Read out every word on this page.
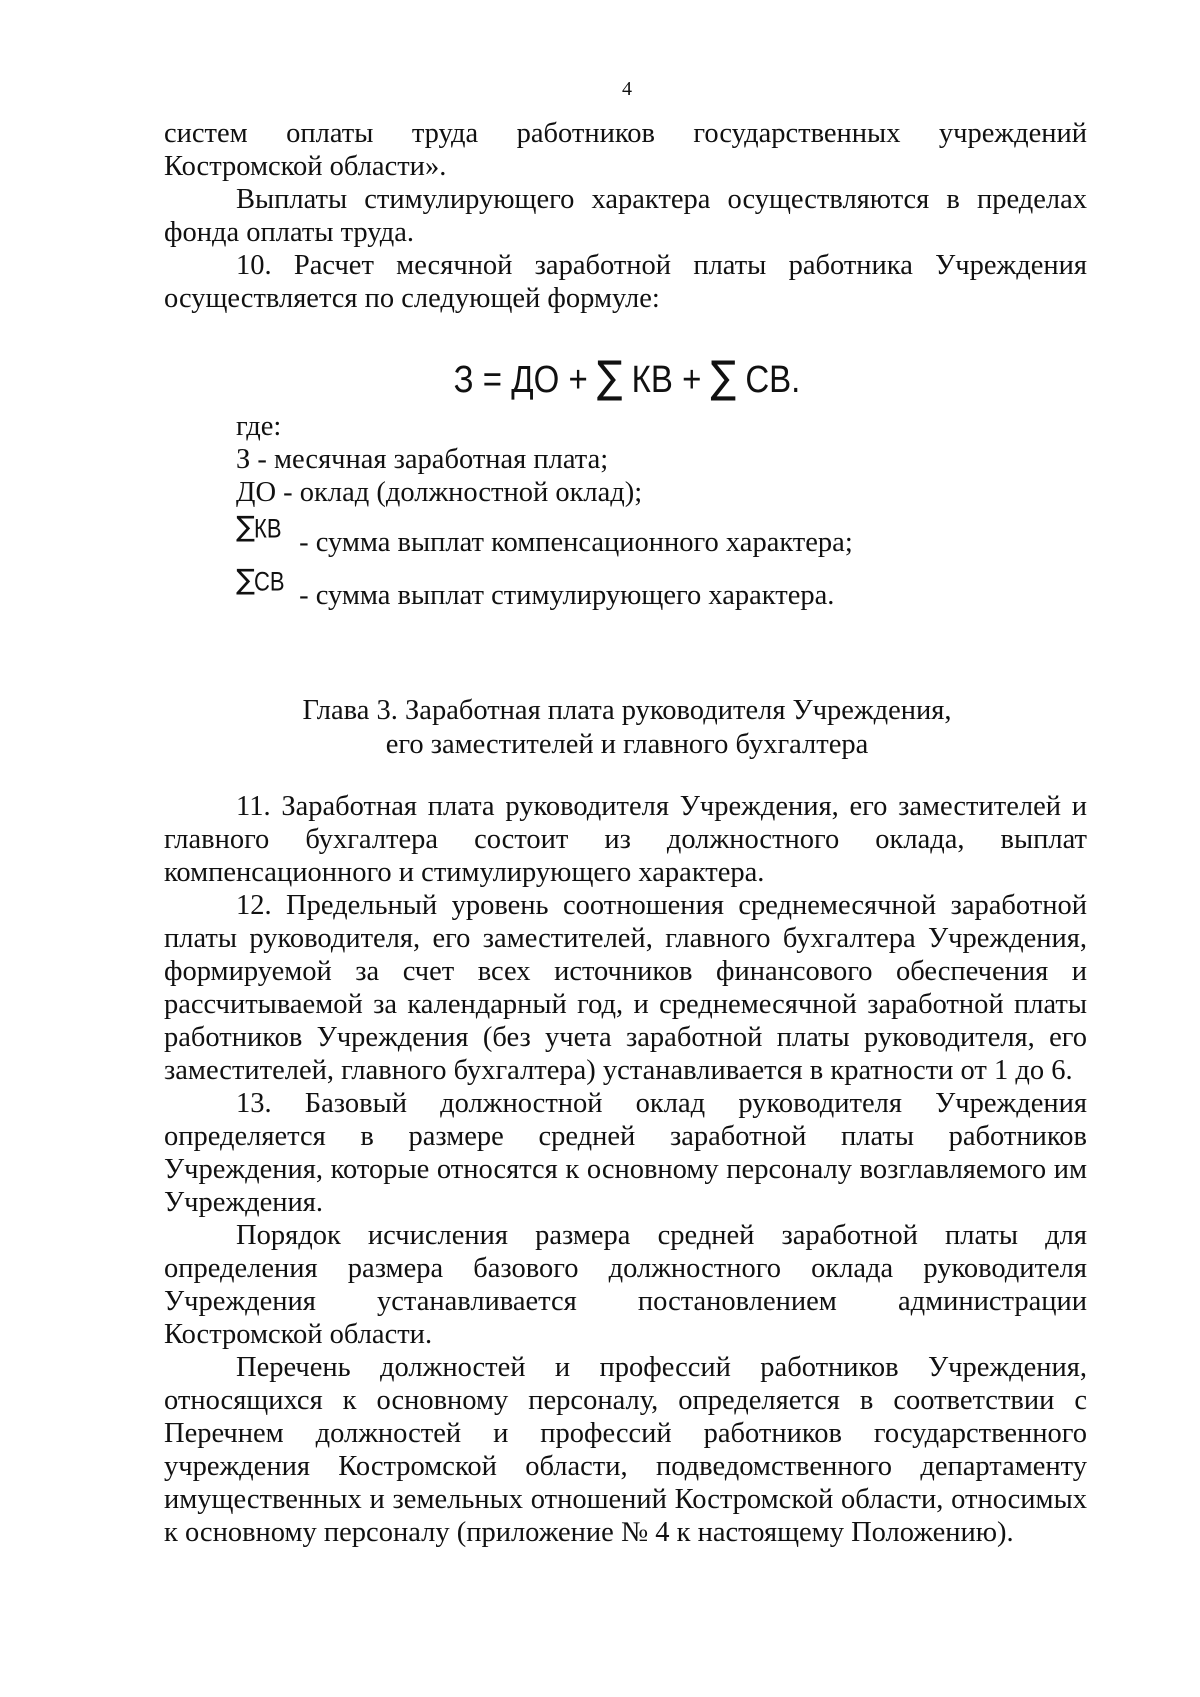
4

систем оплаты труда работников государственных учреждений Костромской области».

Выплаты стимулирующего характера осуществляются в пределах фонда оплаты труда.

10. Расчет месячной заработной платы работника Учреждения осуществляется по следующей формуле:

З = ДО + ∑ КВ + ∑ СВ.
где:
З - месячная заработная плата;
ДО - оклад (должностной оклад);
∑ КВ - сумма выплат компенсационного характера;
∑ СВ - сумма выплат стимулирующего характера.
Глава 3. Заработная плата руководителя Учреждения,
его заместителей и главного бухгалтера

11. Заработная плата руководителя Учреждения, его заместителей и главного бухгалтера состоит из должностного оклада, выплат компенсационного и стимулирующего характера.

12. Предельный уровень соотношения среднемесячной заработной платы руководителя, его заместителей, главного бухгалтера Учреждения, формируемой за счет всех источников финансового обеспечения и рассчитываемой за календарный год, и среднемесячной заработной платы работников Учреждения (без учета заработной платы руководителя, его заместителей, главного бухгалтера) устанавливается в кратности от 1 до 6.

13. Базовый должностной оклад руководителя Учреждения определяется в размере средней заработной платы работников Учреждения, которые относятся к основному персоналу возглавляемого им Учреждения.

Порядок исчисления размера средней заработной платы для определения размера базового должностного оклада руководителя Учреждения устанавливается постановлением администрации Костромской области.

Перечень должностей и профессий работников Учреждения, относящихся к основному персоналу, определяется в соответствии с Перечнем должностей и профессий работников государственного учреждения Костромской области, подведомственного департаменту имущественных и земельных отношений Костромской области, относимых к основному персоналу (приложение № 4 к настоящему Положению).
